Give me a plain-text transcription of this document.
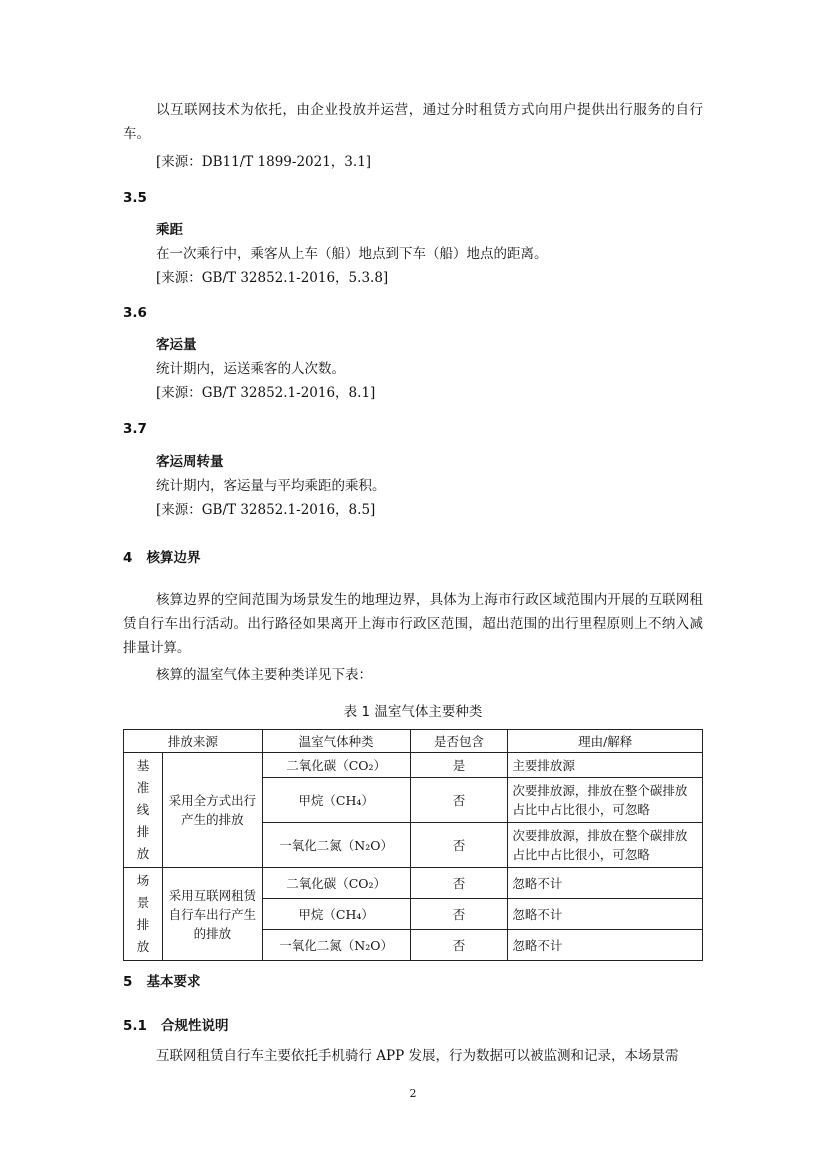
以互联网技术为依托，由企业投放并运营，通过分时租赁方式向用户提供出行服务的自行车。
[来源：DB11/T 1899-2021，3.1]
3.5
乘距
在一次乘行中，乘客从上车（船）地点到下车（船）地点的距离。
[来源：GB/T 32852.1-2016，5.3.8]
3.6
客运量
统计期内，运送乘客的人次数。
[来源：GB/T 32852.1-2016，8.1]
3.7
客运周转量
统计期内，客运量与平均乘距的乘积。
[来源：GB/T 32852.1-2016，8.5]
4   核算边界
核算边界的空间范围为场景发生的地理边界，具体为上海市行政区域范围内开展的互联网租赁自行车出行活动。出行路径如果离开上海市行政区范围，超出范围的出行里程原则上不纳入减排量计算。
核算的温室气体主要种类详见下表：
表 1 温室气体主要种类
排放来源		温室气体种类	是否包含	理由/解释

基准线排放	采用全方式出行产生的排放	二氧化碳（CO₂）	是	主要排放源
		甲烷（CH₄）	否	次要排放源，排放在整个碳排放占比中占比很小，可忽略
		一氧化二氮（N₂O）	否	次要排放源，排放在整个碳排放占比中占比很小，可忽略

场景排放	采用互联网租赁自行车出行产生的排放	二氧化碳（CO₂）	否	忽略不计
		甲烷（CH₄）	否	忽略不计
		一氧化二氮（N₂O）	否	忽略不计
5   基本要求
5.1   合规性说明
互联网租赁自行车主要依托手机骑行 APP 发展，行为数据可以被监测和记录，本场景需
2
